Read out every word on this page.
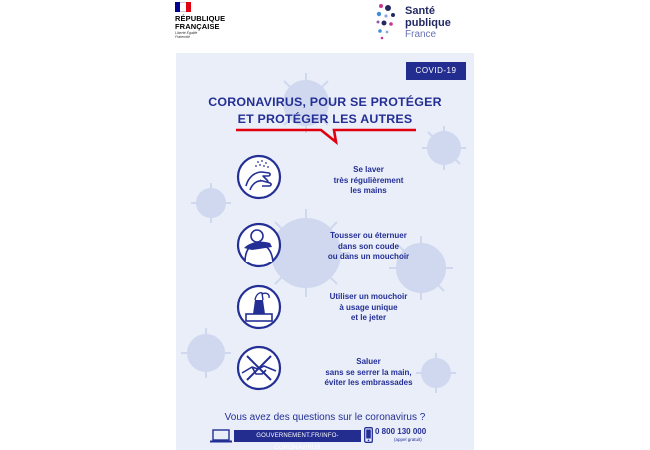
RÉPUBLIQUE
FRANÇAISE
Liberté Égalité Fraternité
Santé
publique
France
COVID-19
CORONAVIRUS, POUR SE PROTÉGER
ET PROTÉGER LES AUTRES
Se laver
très régulièrement
les mains
Tousser ou éternuer
dans son coude
ou dans un mouchoir
Utiliser un mouchoir
à usage unique
et le jeter
Saluer
sans se serrer la main,
éviter les embrassades
Vous avez des questions sur le coronavirus ?
GOUVERNEMENT.FR/INFO-CORONAVIRUS
0 800 130 000
(appel gratuit)
